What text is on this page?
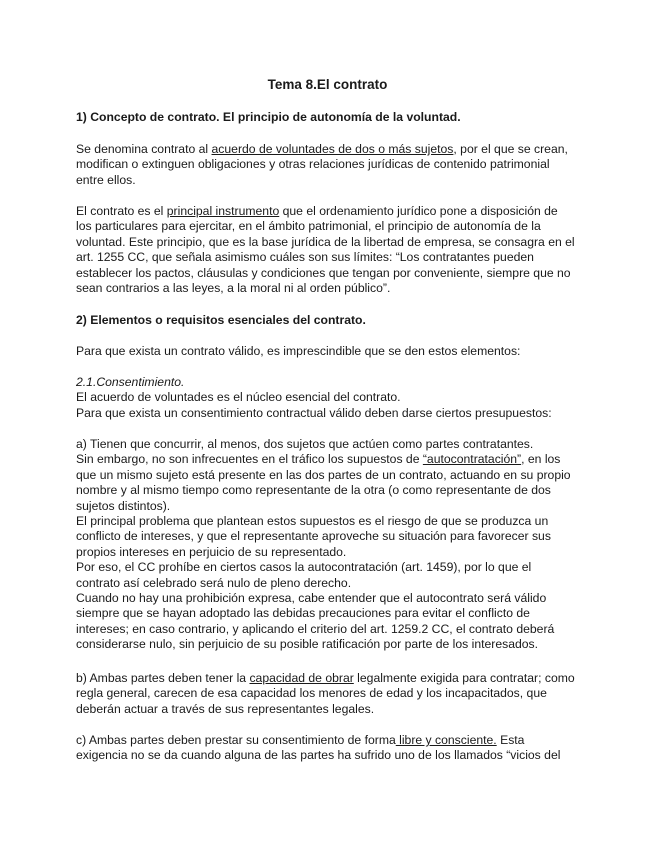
Tema 8.El contrato

1) Concepto de contrato. El principio de autonomía de la voluntad.

Se denomina contrato al acuerdo de voluntades de dos o más sujetos, por el que se crean, modifican o extinguen obligaciones y otras relaciones jurídicas de contenido patrimonial entre ellos.

El contrato es el principal instrumento que el ordenamiento jurídico pone a disposición de los particulares para ejercitar, en el ámbito patrimonial, el principio de autonomía de la voluntad. Este principio, que es la base jurídica de la libertad de empresa, se consagra en el art. 1255 CC, que señala asimismo cuáles son sus límites: “Los contratantes pueden establecer los pactos, cláusulas y condiciones que tengan por conveniente, siempre que no sean contrarios a las leyes, a la moral ni al orden público”.

2) Elementos o requisitos esenciales del contrato.

Para que exista un contrato válido, es imprescindible que se den estos elementos:

2.1.Consentimiento.

El acuerdo de voluntades es el núcleo esencial del contrato.

Para que exista un consentimiento contractual válido deben darse ciertos presupuestos:

a) Tienen que concurrir, al menos, dos sujetos que actúen como partes contratantes.
Sin embargo, no son infrecuentes en el tráfico los supuestos de “autocontratación”, en los que un mismo sujeto está presente en las dos partes de un contrato, actuando en su propio nombre y al mismo tiempo como representante de la otra (o como representante de dos sujetos distintos).
El principal problema que plantean estos supuestos es el riesgo de que se produzca un conflicto de intereses, y que el representante aproveche su situación para favorecer sus propios intereses en perjuicio de su representado.
Por eso, el CC prohíbe en ciertos casos la autocontratación (art. 1459), por lo que el contrato así celebrado será nulo de pleno derecho.
Cuando no hay una prohibición expresa, cabe entender que el autocontrato será válido siempre que se hayan adoptado las debidas precauciones para evitar el conflicto de intereses; en caso contrario, y aplicando el criterio del art. 1259.2 CC, el contrato deberá considerarse nulo, sin perjuicio de su posible ratificación por parte de los interesados.

b) Ambas partes deben tener la capacidad de obrar legalmente exigida para contratar; como regla general, carecen de esa capacidad los menores de edad y los incapacitados, que deberán actuar a través de sus representantes legales.

c) Ambas partes deben prestar su consentimiento de forma libre y consciente. Esta exigencia no se da cuando alguna de las partes ha sufrido uno de los llamados “vicios del
